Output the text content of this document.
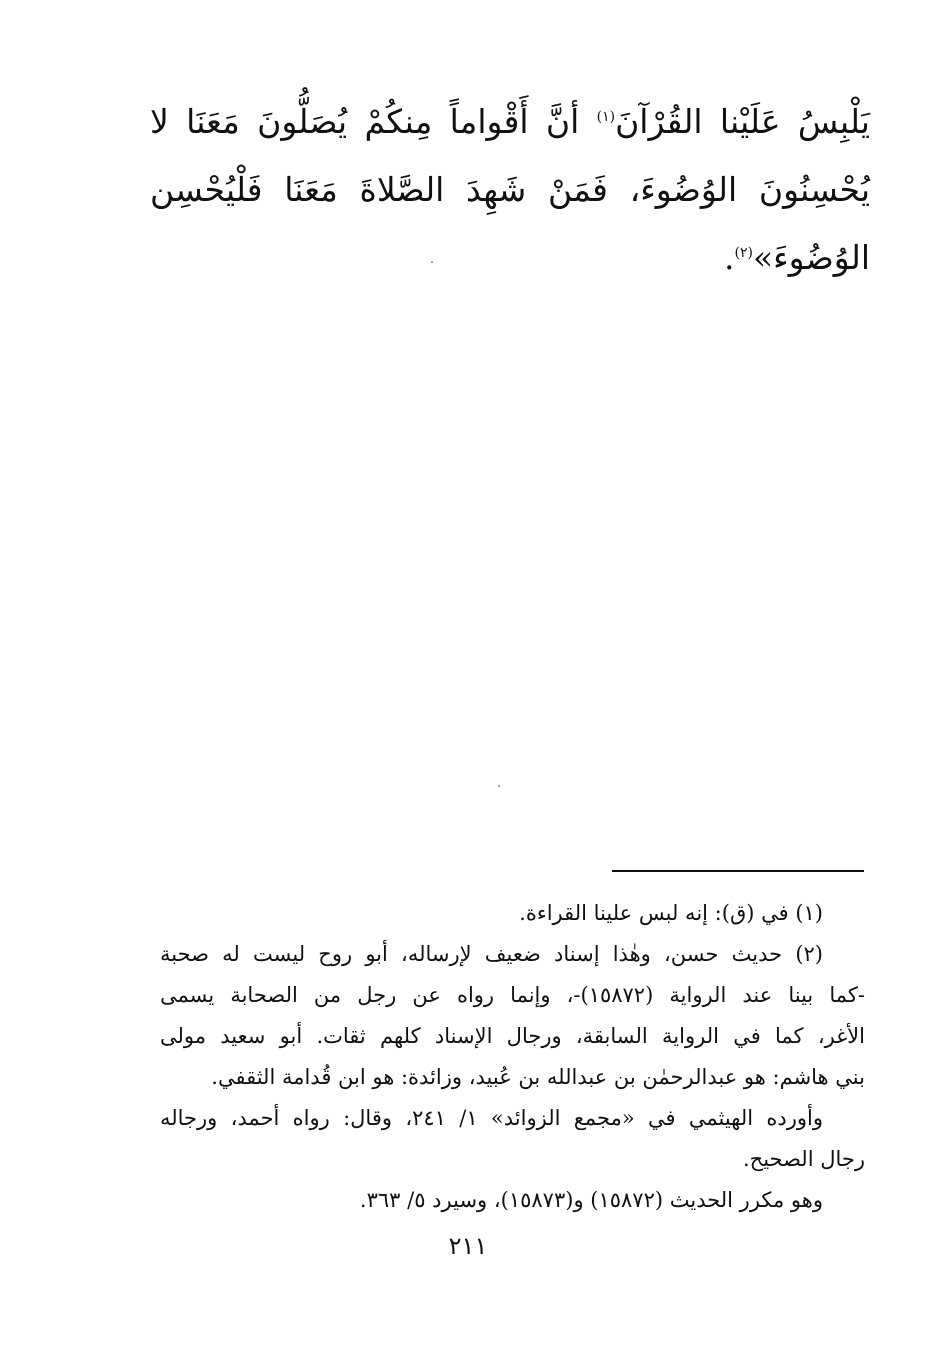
يَلْبِسُ عَلَيْنا القُرْآنَ$^{(١)}$ أنَّ أَقْواماً مِنكُمْ يُصَلُّونَ مَعَنَا لا يُحْسِنُونَ الوُضُوءَ، فَمَنْ شَهِدَ الصَّلاةَ مَعَنَا فَلْيُحْسِن الوُضُوءَ»$^{(٢)}$.

(١) في (ق): إنه لبس علينا القراءة.

(٢) حديث حسن، وهٰذا إسناد ضعيف لإرساله، أبو روح ليست له صحبة

-كما بينا عند الرواية (١٥٨٧٢)-، وإنما رواه عن رجل من الصحابة يسمى

الأغر، كما في الرواية السابقة، ورجال الإسناد كلهم ثقات. أبو سعيد مولى

بني هاشم: هو عبدالرحمٰن بن عبدالله بن عُبيد، وزائدة: هو ابن قُدامة الثقفي.

وأورده الهيثمي في «مجمع الزوائد» ١/ ٢٤١، وقال: رواه أحمد، ورجاله

رجال الصحيح.

وهو مكرر الحديث (١٥٨٧٢) و(١٥٨٧٣)، وسيرد ٥/ ٣٦٣.

٢١١
